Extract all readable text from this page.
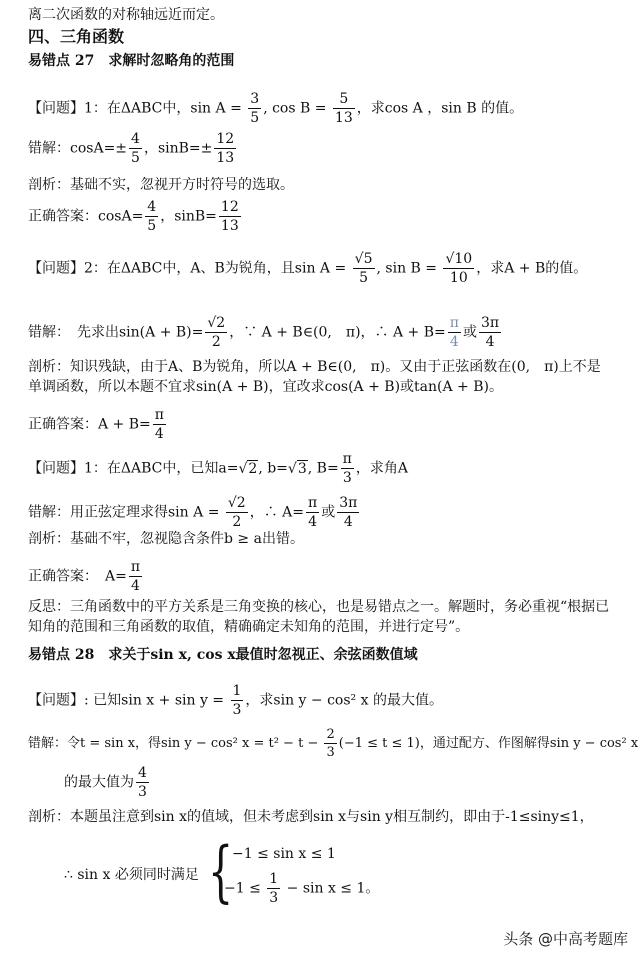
离二次函数的对称轴远近而定。
四、三角函数
易错点 27　求解时忽略角的范围
【问题】1：在ΔABC中，$\sin A = \frac{3}{5}$ , $\cos B = \frac{5}{13}$ ，求cos A ，sin B 的值。
错解：$\cos A=\pm \frac{4}{5}$ ，$\sin B=\pm \frac{12}{13}$
剖析：基础不实，忽视开方时符号的选取。
正确答案：$\cos A= \frac{4}{5}$ ，$\sin B= \frac{12}{13}$
【问题】2：在ΔABC中，A、B为锐角，且$\sin A = \frac{√5}{5}$ , $\sin B = \frac{√10}{10}$ ，求A + B的值。
错解：　先求出$\sin(A + B)= \frac{√2}{2}$ ，∵ A + B∈(0,　π)，∴ $A + B= \frac{\pi}{4}$ 或 $\frac{3\pi}{4}$
剖析：知识残缺，由于A、B为锐角，所以A + B∈(0,　π)。又由于正弦函数在(0,　π)上不是
单调函数，所以本题不宜求sin(A + B)，宜改求cos(A + B)或tan(A + B)。
正确答案：$A + B= \frac{\pi}{4}$
【问题】1：在ΔABC中，已知a=√2, b=√3, $B= \frac{\pi}{3}$ ，求角A
错解：用正弦定理求得$\sin A = \frac{√2}{2}$ ，∴ $A= \frac{\pi}{4}$ 或 $\frac{3\pi}{4}$
剖析：基础不牢，忽视隐含条件b ≥ a出错。
正确答案：　$A= \frac{\pi}{4}$
反思：三角函数中的平方关系是三角变换的核心，也是易错点之一。解题时，务必重视“根据已
知角的范围和三角函数的取值，精确确定未知角的范围，并进行定号”。
易错点 28　求关于sin x, cos x最值时忽视正、余弦函数值域
【问题】: 已知$\sin x + \sin y = \frac{1}{3}$ ，求sin y − cos² x 的最大值。
错解：令t = sin x，得sin y − cos² $x = t^2 - t - \frac{2}{3} (-1 \le t \le 1)$，通过配方、作图解得sin y − cos² x
的最大值为 $\frac{4}{3}$
剖析：本题虽注意到sin x的值域，但未考虑到sin x与sin y相互制约，即由于-1≤siny≤1，
∴ sin x 必须同时满足 {
−1 ≤ sin x ≤ 1
$-1 \le \frac{1}{3} - \sin x \le 1$。
头条 @中高考题库
